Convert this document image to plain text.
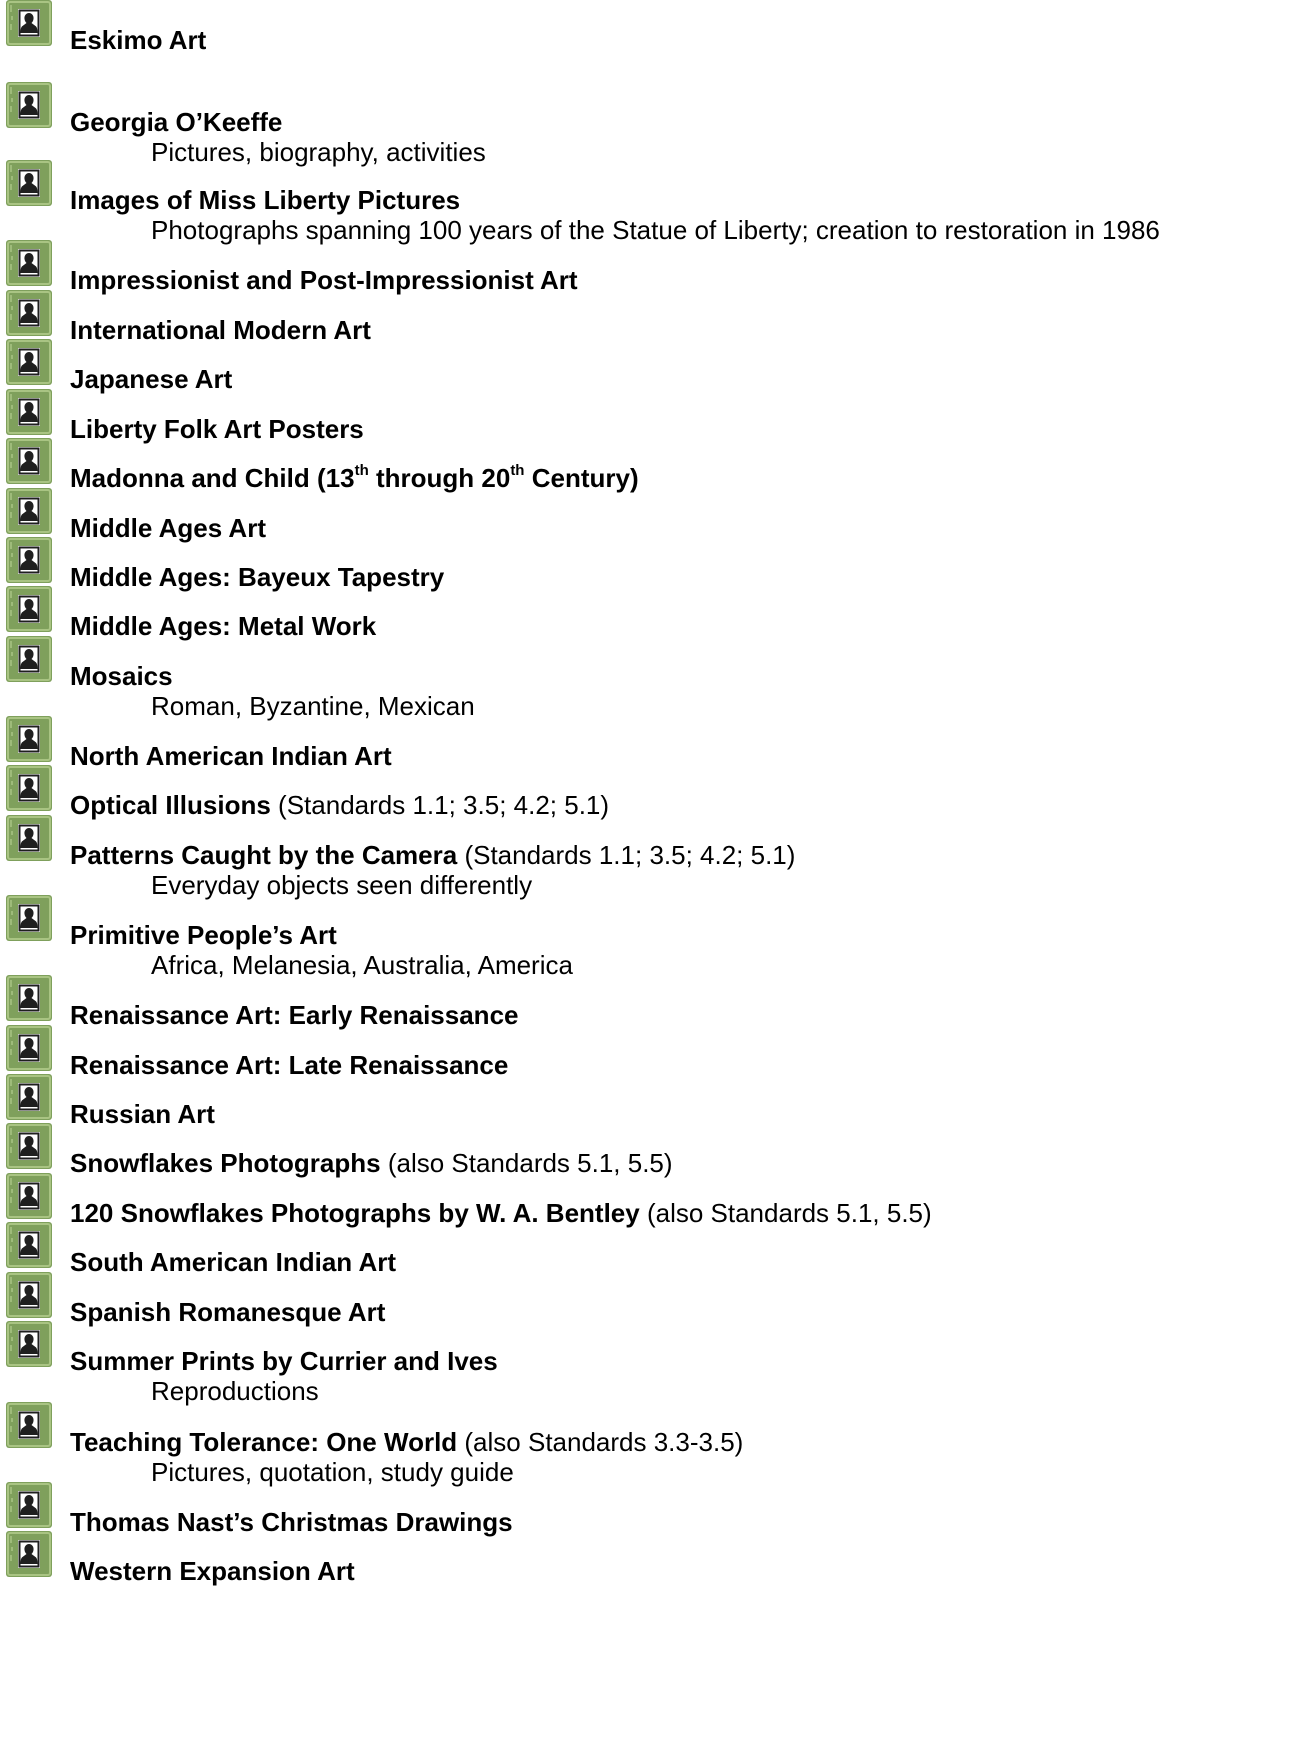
Eskimo Art
Georgia O’Keeffe
Pictures, biography, activities
Images of Miss Liberty Pictures
Photographs spanning 100 years of the Statue of Liberty; creation to restoration in 1986
Impressionist and Post-Impressionist Art
International Modern Art
Japanese Art
Liberty Folk Art Posters
Madonna and Child (13th through 20th Century)
Middle Ages Art
Middle Ages: Bayeux Tapestry
Middle Ages: Metal Work
Mosaics
Roman, Byzantine, Mexican
North American Indian Art
Optical Illusions (Standards 1.1; 3.5; 4.2; 5.1)
Patterns Caught by the Camera (Standards 1.1; 3.5; 4.2; 5.1)
Everyday objects seen differently
Primitive People’s Art
Africa, Melanesia, Australia, America
Renaissance Art: Early Renaissance
Renaissance Art: Late Renaissance
Russian Art
Snowflakes Photographs (also Standards 5.1, 5.5)
120 Snowflakes Photographs by W. A. Bentley (also Standards 5.1, 5.5)
South American Indian Art
Spanish Romanesque Art
Summer Prints by Currier and Ives
Reproductions
Teaching Tolerance: One World (also Standards 3.3-3.5)
Pictures, quotation, study guide
Thomas Nast’s Christmas Drawings
Western Expansion Art
